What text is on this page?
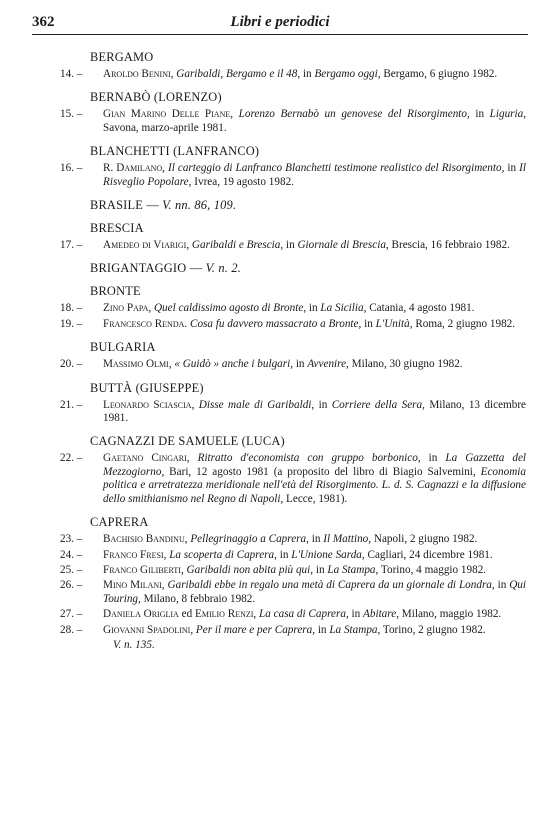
362	Libri e periodici
BERGAMO
14. –	Aroldo Benini, Garibaldi, Bergamo e il 48, in Bergamo oggi, Bergamo, 6 giugno 1982.
BERNABÒ (LORENZO)
15. –	Gian Marino Delle Piane, Lorenzo Bernabò un genovese del Risorgimento, in Liguria, Savona, marzo-aprile 1981.
BLANCHETTI (LANFRANCO)
16. –	R. Damilano, Il carteggio di Lanfranco Blanchetti testimone realistico del Risorgimento, in Il Risveglio Popolare, Ivrea, 19 agosto 1982.
BRASILE — V. nn. 86, 109.
BRESCIA
17. –	Amedeo di Viarigi, Garibaldi e Brescia, in Giornale di Brescia, Brescia, 16 febbraio 1982.
BRIGANTAGGIO — V. n. 2.
BRONTE
18. –	Zino Papa, Quel caldissimo agosto di Bronte, in La Sicilia, Catania, 4 agosto 1981.
19. –	Francesco Renda. Cosa fu davvero massacrato a Bronte, in L'Unità, Roma, 2 giugno 1982.
BULGARIA
20. –	Massimo Olmi, « Guidò » anche i bulgari, in Avvenire, Milano, 30 giugno 1982.
BUTTÀ (GIUSEPPE)
21. –	Leonardo Sciascia, Disse male di Garibaldi, in Corriere della Sera, Milano, 13 dicembre 1981.
CAGNAZZI DE SAMUELE (LUCA)
22. –	Gaetano Cingari, Ritratto d'economista con gruppo borbonico, in La Gazzetta del Mezzogiorno, Bari, 12 agosto 1981 (a proposito del libro di Biagio Salvemini, Economia politica e arretratezza meridionale nell'età del Risorgimento. L. d. S. Cagnazzi e la diffusione dello smithianismo nel Regno di Napoli, Lecce, 1981).
CAPRERA
23. –	Bachisio Bandinu, Pellegrinaggio a Caprera, in Il Mattino, Napoli, 2 giugno 1982.
24. –	Franco Fresi, La scoperta di Caprera, in L'Unione Sarda, Cagliari, 24 dicembre 1981.
25. –	Franco Giliberti, Garibaldi non abita più qui, in La Stampa, Torino, 4 maggio 1982.
26. –	Mino Milani, Garibaldi ebbe in regalo una metà di Caprera da un giornale di Londra, in Qui Touring, Milano, 8 febbraio 1982.
27. –	Daniela Origlia ed Emilio Renzi, La casa di Caprera, in Abitare, Milano, maggio 1982.
28. –	Giovanni Spadolini, Per il mare e per Caprera, in La Stampa, Torino, 2 giugno 1982.
V. n. 135.
